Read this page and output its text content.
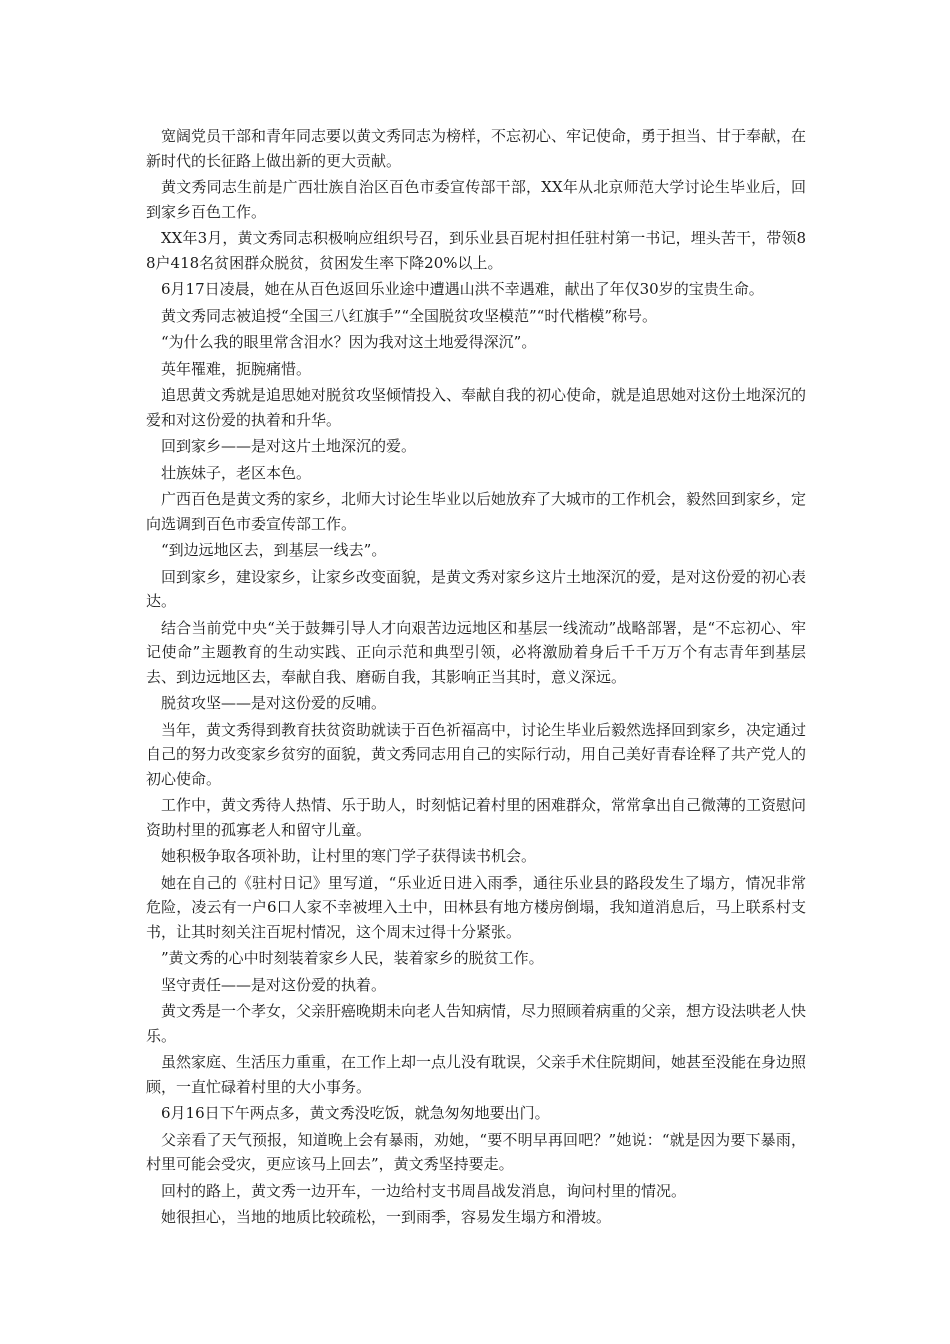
宽阔党员干部和青年同志要以黄文秀同志为榜样，不忘初心、牢记使命，勇于担当、甘于奉献，在新时代的长征路上做出新的更大贡献。

黄文秀同志生前是广西壮族自治区百色市委宣传部干部，XX年从北京师范大学讨论生毕业后，回到家乡百色工作。

XX年3月，黄文秀同志积极响应组织号召，到乐业县百坭村担任驻村第一书记，埋头苦干，带领88户418名贫困群众脱贫，贫困发生率下降20%以上。

6月17日凌晨，她在从百色返回乐业途中遭遇山洪不幸遇难，献出了年仅30岁的宝贵生命。

黄文秀同志被追授“全国三八红旗手”“全国脱贫攻坚模范”“时代楷模”称号。

“为什么我的眼里常含泪水？因为我对这土地爱得深沉”。

英年罹难，扼腕痛惜。

追思黄文秀就是追思她对脱贫攻坚倾情投入、奉献自我的初心使命，就是追思她对这份土地深沉的爱和对这份爱的执着和升华。

回到家乡——是对这片土地深沉的爱。

壮族妹子，老区本色。

广西百色是黄文秀的家乡，北师大讨论生毕业以后她放弃了大城市的工作机会，毅然回到家乡，定向选调到百色市委宣传部工作。

“到边远地区去，到基层一线去”。

回到家乡，建设家乡，让家乡改变面貌，是黄文秀对家乡这片土地深沉的爱，是对这份爱的初心表达。

结合当前党中央“关于鼓舞引导人才向艰苦边远地区和基层一线流动”战略部署，是“不忘初心、牢记使命”主题教育的生动实践、正向示范和典型引领，必将激励着身后千千万万个有志青年到基层去、到边远地区去，奉献自我、磨砺自我，其影响正当其时，意义深远。

脱贫攻坚——是对这份爱的反哺。

当年，黄文秀得到教育扶贫资助就读于百色祈福高中，讨论生毕业后毅然选择回到家乡，决定通过自己的努力改变家乡贫穷的面貌，黄文秀同志用自己的实际行动，用自己美好青春诠释了共产党人的初心使命。

工作中，黄文秀待人热情、乐于助人，时刻惦记着村里的困难群众，常常拿出自己微薄的工资慰问资助村里的孤寡老人和留守儿童。

她积极争取各项补助，让村里的寒门学子获得读书机会。

她在自己的《驻村日记》里写道，“乐业近日进入雨季，通往乐业县的路段发生了塌方，情况非常危险，凌云有一户6口人家不幸被埋入土中，田林县有地方楼房倒塌，我知道消息后，马上联系村支书，让其时刻关注百坭村情况，这个周末过得十分紧张。

”黄文秀的心中时刻装着家乡人民，装着家乡的脱贫工作。

坚守责任——是对这份爱的执着。

黄文秀是一个孝女，父亲肝癌晚期未向老人告知病情，尽力照顾着病重的父亲，想方设法哄老人快乐。

虽然家庭、生活压力重重，在工作上却一点儿没有耽误，父亲手术住院期间，她甚至没能在身边照顾，一直忙碌着村里的大小事务。

6月16日下午两点多，黄文秀没吃饭，就急匆匆地要出门。

父亲看了天气预报，知道晚上会有暴雨，劝她，“要不明早再回吧？”她说：“就是因为要下暴雨，村里可能会受灾，更应该马上回去”，黄文秀坚持要走。

回村的路上，黄文秀一边开车，一边给村支书周昌战发消息，询问村里的情况。

她很担心，当地的地质比较疏松，一到雨季，容易发生塌方和滑坡。
